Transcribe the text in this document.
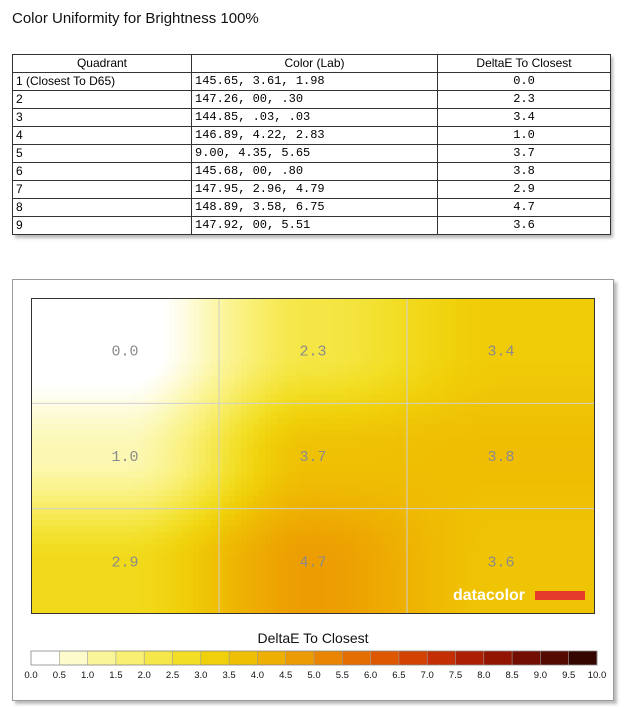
Color Uniformity for Brightness 100%
Quadrant	Color (Lab)	DeltaE To Closest
1 (Closest To D65)	145.65, 3.61, 1.98	0.0
2	147.26, 00, .30	2.3
3	144.85, .03, .03	3.4
4	146.89, 4.22, 2.83	1.0
5	9.00, 4.35, 5.65	3.7
6	145.68, 00, .80	3.8
7	147.95, 2.96, 4.79	2.9
8	148.89, 3.58, 6.75	4.7
9	147.92, 00, 5.51	3.6
0.0	2.3	3.4
1.0	3.7	3.8
2.9	4.7	3.6
datacolor
DeltaE To Closest
0.0 0.5 1.0 1.5 2.0 2.5 3.0 3.5 4.0 4.5 5.0 5.5 6.0 6.5 7.0 7.5 8.0 8.5 9.0 9.5 10.0
